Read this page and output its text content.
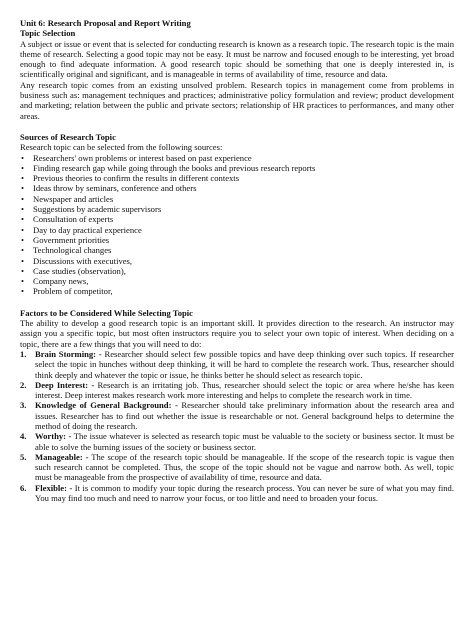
Unit 6: Research Proposal and Report Writing
Topic Selection

A subject or issue or event that is selected for conducting research is known as a research topic. The research topic is the main theme of research. Selecting a good topic may not be easy. It must be narrow and focused enough to be interesting, yet broad enough to find adequate information. A good research topic should be something that one is deeply interested in, is scientifically original and significant, and is manageable in terms of availability of time, resource and data.

Any research topic comes from an existing unsolved problem. Research topics in management come from problems in business such as: management techniques and practices; administrative policy formulation and review; product development and marketing; relation between the public and private sectors; relationship of HR practices to performances, and many other areas.

Sources of Research Topic

Research topic can be selected from the following sources:

• Researchers' own problems or interest based on past experience
• Finding research gap while going through the books and previous research reports
• Previous theories to confirm the results in different contexts
• Ideas throw by seminars, conference and others
• Newspaper and articles
• Suggestions by academic supervisors
• Consultation of experts
• Day to day practical experience
• Government priorities
• Technological changes
• Discussions with executives,
• Case studies (observation),
• Company news,
• Problem of competitor,
Factors to be Considered While Selecting Topic

The ability to develop a good research topic is an important skill. It provides direction to the research. An instructor may assign you a specific topic, but most often instructors require you to select your own topic of interest. When deciding on a topic, there are a few things that you will need to do:

1. Brain Storming: - Researcher should select few possible topics and have deep thinking over such topics. If researcher select the topic in hunches without deep thinking, it will be hard to complete the research work. Thus, researcher should think deeply and whatever the topic or issue, he thinks better he should select as research topic.
2. Deep Interest: - Research is an irritating job. Thus, researcher should select the topic or area where he/she has keen interest. Deep interest makes research work more interesting and helps to complete the research work in time.
3. Knowledge of General Background: - Researcher should take preliminary information about the research area and issues. Researcher has to find out whether the issue is researchable or not. General background helps to determine the method of doing the research.
4. Worthy: - The issue whatever is selected as research topic must be valuable to the society or business sector. It must be able to solve the burning issues of the society or business sector.
5. Manageable: - The scope of the research topic should be manageable. If the scope of the research topic is vague then such research cannot be completed. Thus, the scope of the topic should not be vague and narrow both. As well, topic must be manageable from the prospective of availability of time, resource and data.
6. Flexible: - It is common to modify your topic during the research process. You can never be sure of what you may find. You may find too much and need to narrow your focus, or too little and need to broaden your focus.
